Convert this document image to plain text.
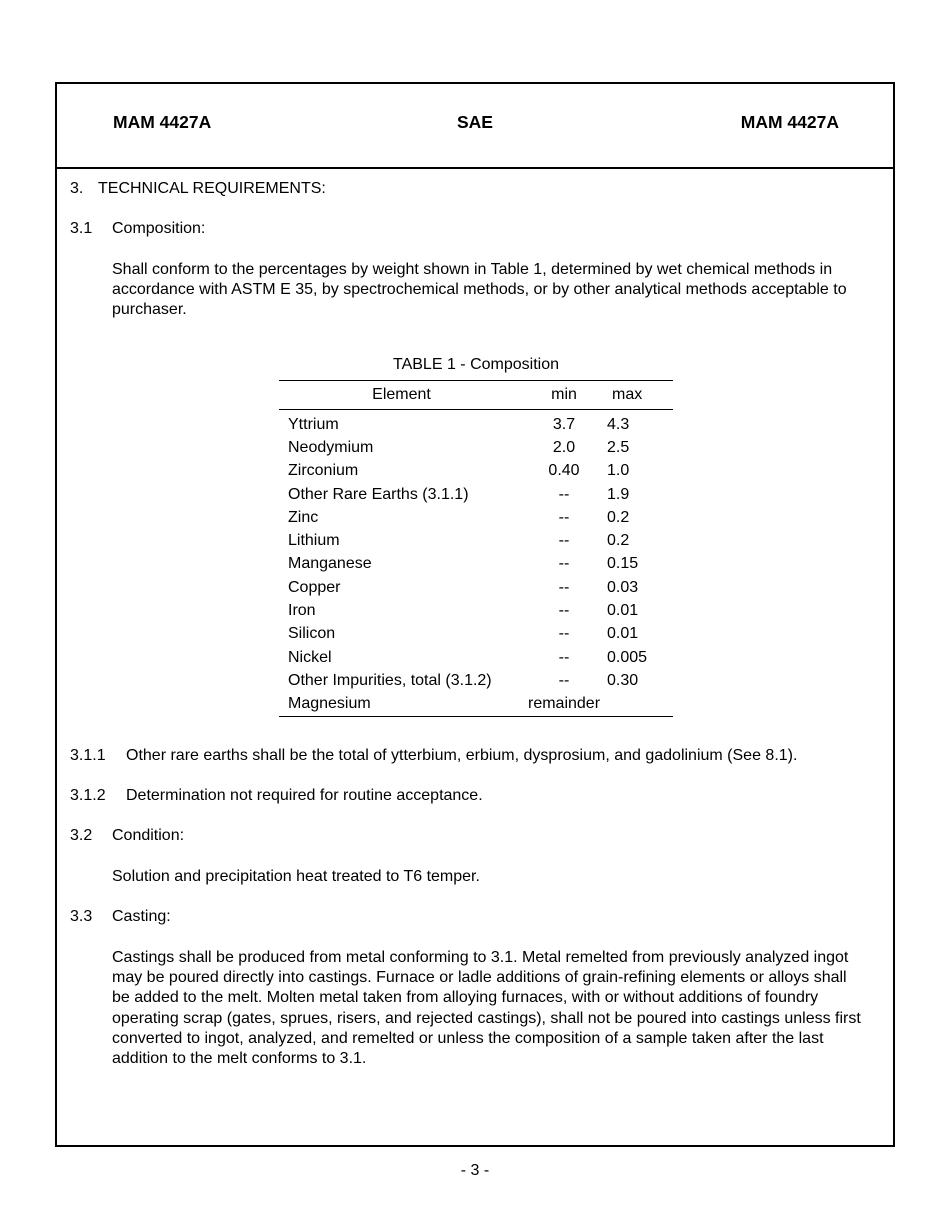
MAM 4427A	SAE	MAM 4427A
3. TECHNICAL REQUIREMENTS:
3.1 Composition:
Shall conform to the percentages by weight shown in Table 1, determined by wet chemical methods in accordance with ASTM E 35, by spectrochemical methods, or by other analytical methods acceptable to purchaser.
TABLE 1 - Composition
Element	min	max
Yttrium	3.7	4.3
Neodymium	2.0	2.5
Zirconium	0.40	1.0
Other Rare Earths (3.1.1)	--	1.9
Zinc	--	0.2
Lithium	--	0.2
Manganese	--	0.15
Copper	--	0.03
Iron	--	0.01
Silicon	--	0.01
Nickel	--	0.005
Other Impurities, total (3.1.2)	--	0.30
Magnesium	remainder	
3.1.1 Other rare earths shall be the total of ytterbium, erbium, dysprosium, and gadolinium (See 8.1).
3.1.2 Determination not required for routine acceptance.
3.2 Condition:
Solution and precipitation heat treated to T6 temper.
3.3 Casting:
Castings shall be produced from metal conforming to 3.1. Metal remelted from previously analyzed ingot may be poured directly into castings. Furnace or ladle additions of grain-refining elements or alloys shall be added to the melt. Molten metal taken from alloying furnaces, with or without additions of foundry operating scrap (gates, sprues, risers, and rejected castings), shall not be poured into castings unless first converted to ingot, analyzed, and remelted or unless the composition of a sample taken after the last addition to the melt conforms to 3.1.
- 3 -
